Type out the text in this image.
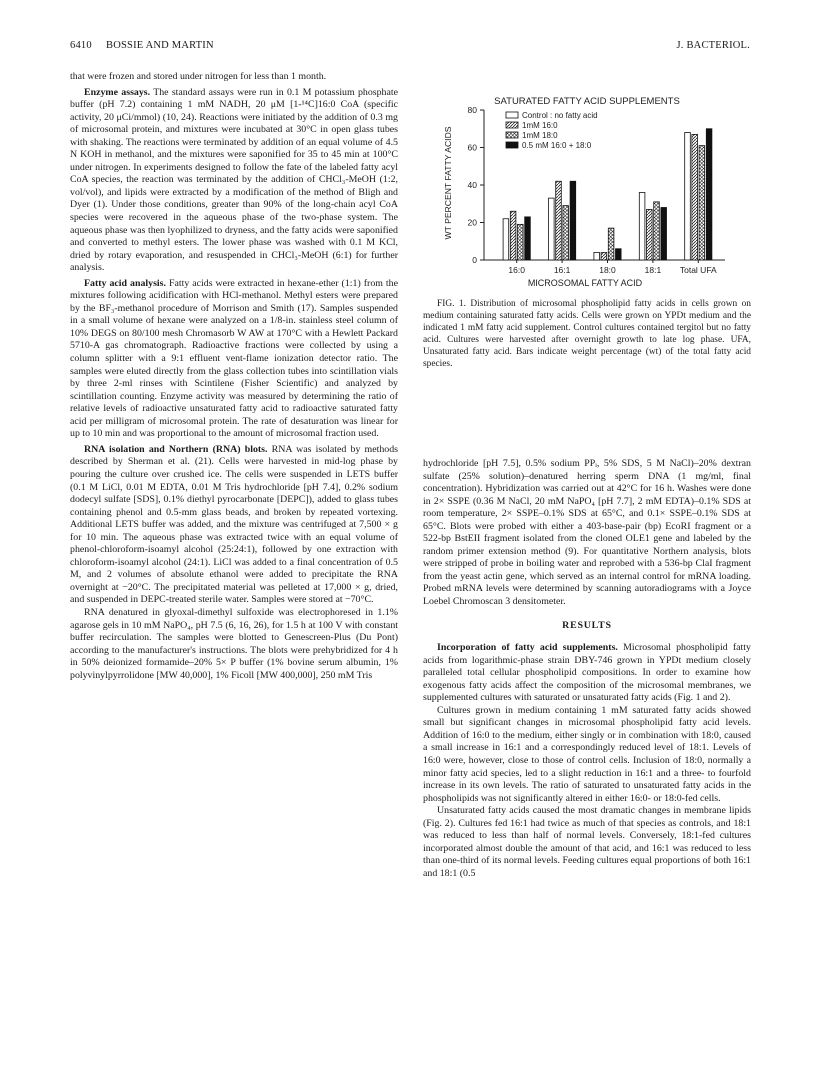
6410 BOSSIE AND MARTIN	J. BACTERIOL.

that were frozen and stored under nitrogen for less than 1 month.

Enzyme assays. The standard assays were run in 0.1 M potassium phosphate buffer (pH 7.2) containing 1 mM NADH, 20 μM [1-¹⁴C]16:0 CoA (specific activity, 20 μCi/mmol) (10, 24). Reactions were initiated by the addition of 0.3 mg of microsomal protein, and mixtures were incubated at 30°C in open glass tubes with shaking. The reactions were terminated by addition of an equal volume of 4.5 N KOH in methanol, and the mixtures were saponified for 35 to 45 min at 100°C under nitrogen. In experiments designed to follow the fate of the labeled fatty acyl CoA species, the reaction was terminated by the addition of CHCl₃-MeOH (1:2, vol/vol), and lipids were extracted by a modification of the method of Bligh and Dyer (1). Under those conditions, greater than 90% of the long-chain acyl CoA species were recovered in the aqueous phase of the two-phase system. The aqueous phase was then lyophilized to dryness, and the fatty acids were saponified and converted to methyl esters. The lower phase was washed with 0.1 M KCl, dried by rotary evaporation, and resuspended in CHCl₃-MeOH (6:1) for further analysis.

Fatty acid analysis. Fatty acids were extracted in hexane-ether (1:1) from the mixtures following acidification with HCl-methanol. Methyl esters were prepared by the BF₃-methanol procedure of Morrison and Smith (17). Samples suspended in a small volume of hexane were analyzed on a 1/8-in. stainless steel column of 10% DEGS on 80/100 mesh Chromasorb W AW at 170°C with a Hewlett Packard 5710-A gas chromatograph. Radioactive fractions were collected by using a column splitter with a 9:1 effluent vent-flame ionization detector ratio. The samples were eluted directly from the glass collection tubes into scintillation vials by three 2-ml rinses with Scintilene (Fisher Scientific) and analyzed by scintillation counting. Enzyme activity was measured by determining the ratio of relative levels of radioactive unsaturated fatty acid to radioactive saturated fatty acid per milligram of microsomal protein. The rate of desaturation was linear for up to 10 min and was proportional to the amount of microsomal fraction used.

RNA isolation and Northern (RNA) blots. RNA was isolated by methods described by Sherman et al. (21). Cells were harvested in mid-log phase by pouring the culture over crushed ice. The cells were suspended in LETS buffer (0.1 M LiCl, 0.01 M EDTA, 0.01 M Tris hydrochloride [pH 7.4], 0.2% sodium dodecyl sulfate [SDS], 0.1% diethyl pyrocarbonate [DEPC]), added to glass tubes containing phenol and 0.5-mm glass beads, and broken by repeated vortexing. Additional LETS buffer was added, and the mixture was centrifuged at 7,500 × g for 10 min. The aqueous phase was extracted twice with an equal volume of phenol-chloroform-isoamyl alcohol (25:24:1), followed by one extraction with chloroform-isoamyl alcohol (24:1). LiCl was added to a final concentration of 0.5 M, and 2 volumes of absolute ethanol were added to precipitate the RNA overnight at −20°C. The precipitated material was pelleted at 17,000 × g, dried, and suspended in DEPC-treated sterile water. Samples were stored at −70°C.

RNA denatured in glyoxal-dimethyl sulfoxide was electrophoresed in 1.1% agarose gels in 10 mM NaPO₄, pH 7.5 (6, 16, 26), for 1.5 h at 100 V with constant buffer recirculation. The samples were blotted to Genescreen-Plus (Du Pont) according to the manufacturer's instructions. The blots were prehybridized for 4 h in 50% deionized formamide–20% 5× P buffer (1% bovine serum albumin, 1% polyvinylpyrrolidone [MW 40,000], 1% Ficoll [MW 400,000], 250 mM Tris

SATURATED FATTY ACID SUPPLEMENTS
0
20
40
60
80
16:0	16:1	18:0	18:1 Total UFA
MICROSOMAL FATTY ACID
WT PERCENT FATTY ACIDS
Control : no fatty acid
1mM 16:0
1mM 18:0
0.5 mM 16:0 + 18:0

FIG. 1. Distribution of microsomal phospholipid fatty acids in cells grown on medium containing saturated fatty acids. Cells were grown on YPDt medium and the indicated 1 mM fatty acid supplement. Control cultures contained tergitol but no fatty acid. Cultures were harvested after overnight growth to late log phase. UFA, Unsaturated fatty acid. Bars indicate weight percentage (wt) of the total fatty acid species.

hydrochloride [pH 7.5], 0.5% sodium PPᵢ, 5% SDS, 5 M NaCl)–20% dextran sulfate (25% solution)–denatured herring sperm DNA (1 mg/ml, final concentration). Hybridization was carried out at 42°C for 16 h. Washes were done in 2× SSPE (0.36 M NaCl, 20 mM NaPO₄ [pH 7.7], 2 mM EDTA)–0.1% SDS at room temperature, 2× SSPE–0.1% SDS at 65°C, and 0.1× SSPE–0.1% SDS at 65°C. Blots were probed with either a 403-base-pair (bp) EcoRI fragment or a 522-bp BstEII fragment isolated from the cloned OLE1 gene and labeled by the random primer extension method (9). For quantitative Northern analysis, blots were stripped of probe in boiling water and reprobed with a 536-bp ClaI fragment from the yeast actin gene, which served as an internal control for mRNA loading. Probed mRNA levels were determined by scanning autoradiograms with a Joyce Loebel Chromoscan 3 densitometer.

RESULTS

Incorporation of fatty acid supplements. Microsomal phospholipid fatty acids from logarithmic-phase strain DBY-746 grown in YPDt medium closely paralleled total cellular phospholipid compositions. In order to examine how exogenous fatty acids affect the composition of the microsomal membranes, we supplemented cultures with saturated or unsaturated fatty acids (Fig. 1 and 2).

Cultures grown in medium containing 1 mM saturated fatty acids showed small but significant changes in microsomal phospholipid fatty acid levels. Addition of 16:0 to the medium, either singly or in combination with 18:0, caused a small increase in 16:1 and a correspondingly reduced level of 18:1. Levels of 16:0 were, however, close to those of control cells. Inclusion of 18:0, normally a minor fatty acid species, led to a slight reduction in 16:1 and a three- to fourfold increase in its own levels. The ratio of saturated to unsaturated fatty acids in the phospholipids was not significantly altered in either 16:0- or 18:0-fed cells.

Unsaturated fatty acids caused the most dramatic changes in membrane lipids (Fig. 2). Cultures fed 16:1 had twice as much of that species as controls, and 18:1 was reduced to less than half of normal levels. Conversely, 18:1-fed cultures incorporated almost double the amount of that acid, and 16:1 was reduced to less than one-third of its normal levels. Feeding cultures equal proportions of both 16:1 and 18:1 (0.5
